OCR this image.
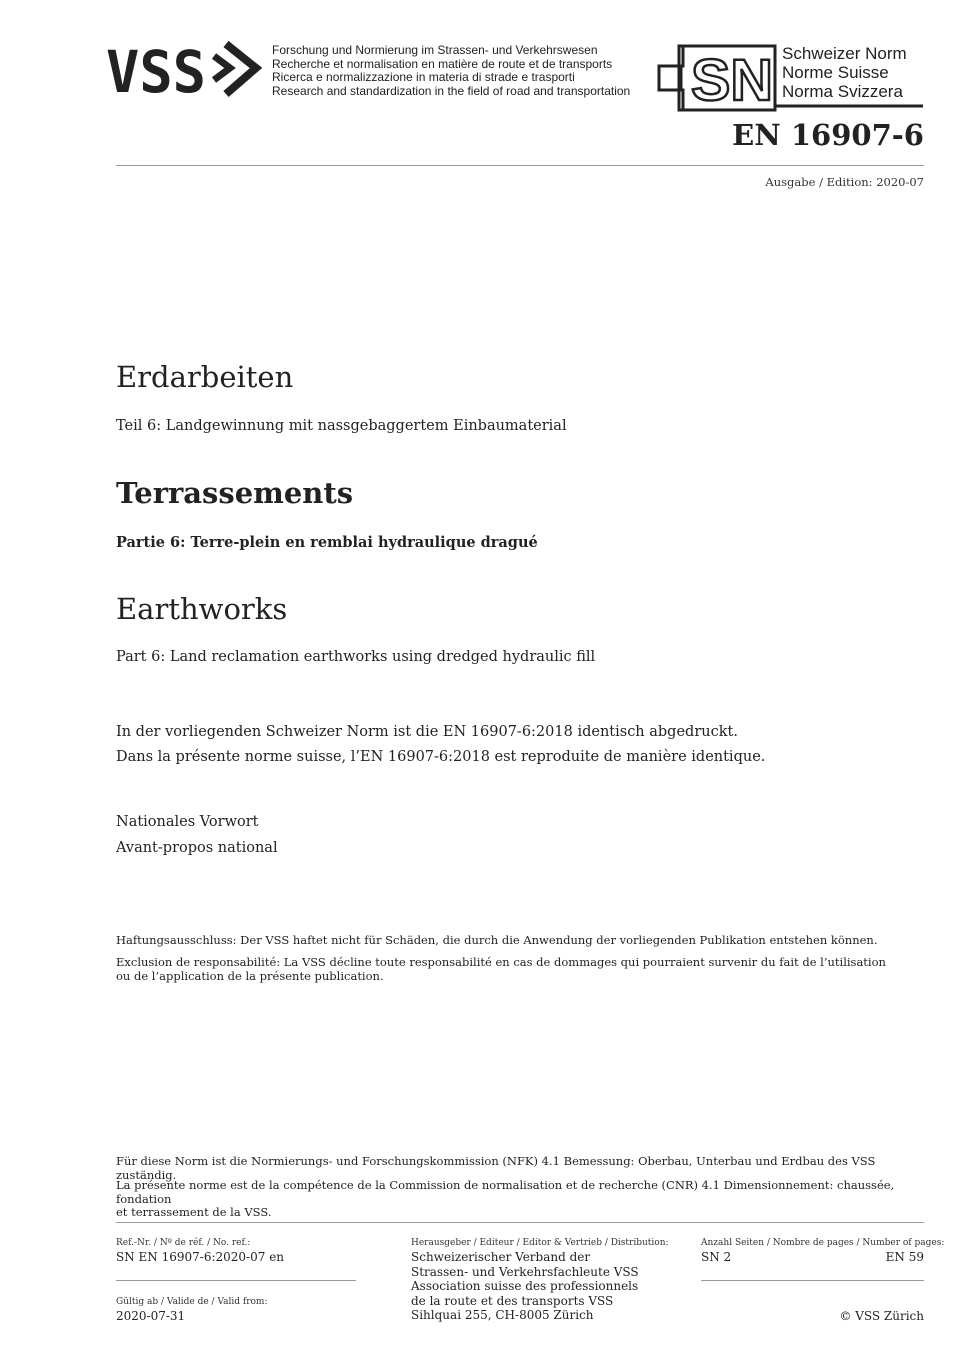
VSS	Forschung und Normierung im Strassen- und Verkehrswesen
Recherche et normalisation en matière de route et de transports
Ricerca e normalizzazione in materia di strade e trasporti
Research and standardization in the field of road and transportation SN Schweizer Norm
Norme Suisse
Norma Svizzera
EN 16907-6
Ausgabe / Edition: 2020-07
Erdarbeiten
Teil 6: Landgewinnung mit nassgebaggertem Einbaumaterial
Terrassements
Partie 6: Terre-plein en remblai hydraulique dragué
Earthworks
Part 6: Land reclamation earthworks using dredged hydraulic fill
In der vorliegenden Schweizer Norm ist die EN 16907-6:2018 identisch abgedruckt.
Dans la présente norme suisse, l’EN 16907-6:2018 est reproduite de manière identique.
Nationales Vorwort
Avant-propos national
Haftungsausschluss: Der VSS haftet nicht für Schäden, die durch die Anwendung der vorliegenden Publikation entstehen können.
Exclusion de responsabilité: La VSS décline toute responsabilité en cas de dommages qui pourraient survenir du fait de l’utilisation
ou de l’application de la présente publication.
Für diese Norm ist die Normierungs- und Forschungskommission (NFK) 4.1 Bemessung: Oberbau, Unterbau und Erdbau des VSS zuständig.
La présente norme est de la compétence de la Commission de normalisation et de recherche (CNR) 4.1 Dimensionnement: chaussée, fondation
et terrassement de la VSS.
Ref.-Nr. / Nº de réf. / No. ref.:
SN EN 16907-6:2020-07 en
Gültig ab / Valide de / Valid from:
2020-07-31
Herausgeber / Editeur / Editor & Vertrieb / Distribution:
Schweizerischer Verband der
Strassen- und Verkehrsfachleute VSS
Association suisse des professionnels
de la route et des transports VSS
Sihlquai 255, CH-8005 Zürich
Anzahl Seiten / Nombre de pages / Number of pages:
SN 2	EN 59
© VSS Zürich
